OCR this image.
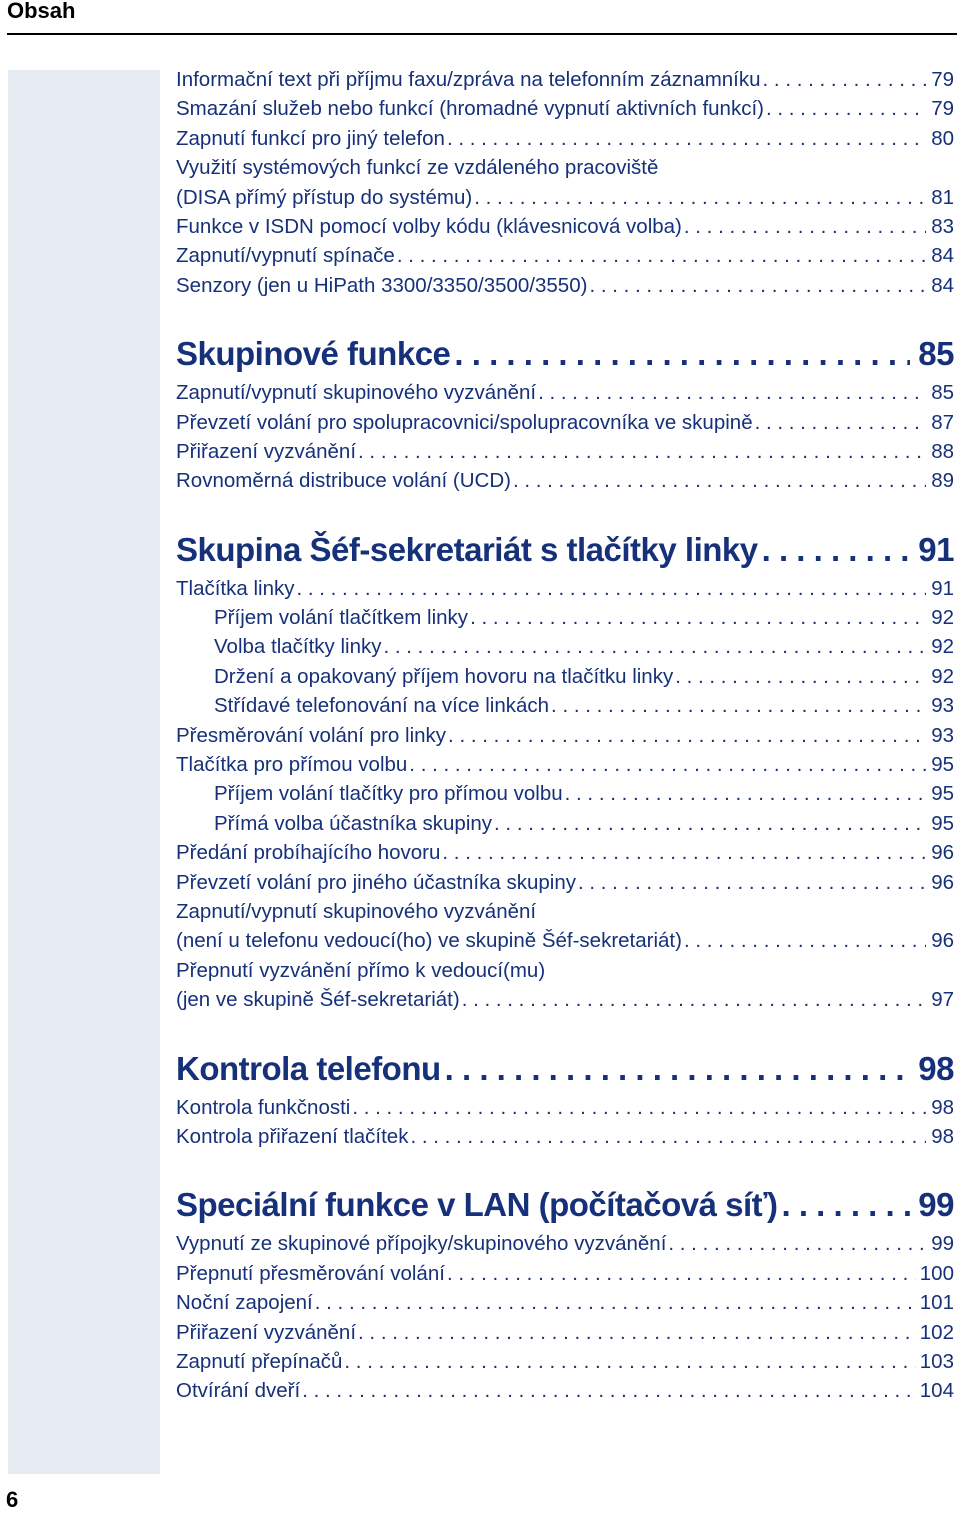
Obsah
6
Informační text při příjmu faxu/zpráva na telefonním záznamníku . . .	79
Smazání služeb nebo funkcí (hromadné vypnutí aktivních funkcí) . . .	79
Zapnutí funkcí pro jiný telefon . . .	80
Využití systémových funkcí ze vzdáleného pracoviště
(DISA přímý přístup do systému) . . .	81
Funkce v ISDN pomocí volby kódu (klávesnicová volba) . . .	83
Zapnutí/vypnutí spínače . . .	84
Senzory (jen u HiPath 3300/3350/3500/3550) . . .	84
Skupinové funkce . . .	85
Zapnutí/vypnutí skupinového vyzvánění . . .	85
Převzetí volání pro spolupracovnici/spolupracovníka ve skupině . . .	87
Přiřazení vyzvánění . . .	88
Rovnoměrná distribuce volání (UCD) . . .	89
Skupina Šéf-sekretariát s tlačítky linky . . .	91
Tlačítka linky . . .	91
Příjem volání tlačítkem linky . . .	92
Volba tlačítky linky . . .	92
Držení a opakovaný příjem hovoru na tlačítku linky . . .	92
Střídavé telefonování na více linkách . . .	93
Přesměrování volání pro linky . . .	93
Tlačítka pro přímou volbu . . .	95
Příjem volání tlačítky pro přímou volbu . . .	95
Přímá volba účastníka skupiny . . .	95
Předání probíhajícího hovoru . . .	96
Převzetí volání pro jiného účastníka skupiny . . .	96
Zapnutí/vypnutí skupinového vyzvánění
(není u telefonu vedoucí(ho) ve skupině Šéf-sekretariát) . . .	96
Přepnutí vyzvánění přímo k vedoucí(mu)
(jen ve skupině Šéf-sekretariát) . . .	97
Kontrola telefonu . . .	98
Kontrola funkčnosti . . .	98
Kontrola přiřazení tlačítek . . .	98
Speciální funkce v LAN (počítačová síť) . . .	99
Vypnutí ze skupinové přípojky/skupinového vyzvánění . . .	99
Přepnutí přesměrování volání . . .	100
Noční zapojení . . .	101
Přiřazení vyzvánění . . .	102
Zapnutí přepínačů . . .	103
Otvírání dveří . . .	104
